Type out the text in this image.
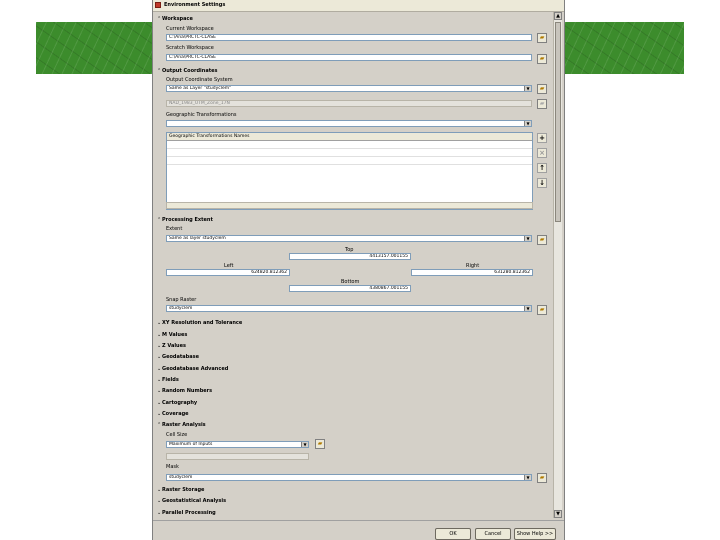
Environment Settings
▲
▼
⌃Workspace
Current Workspace
C:\Ana\PRCTC-CLASE	▰
Scratch Workspace
C:\Ana\PRCTC-CLASE	▰
⌃Output Coordinates
Output Coordinate System
Same as Layer "studyclem"	▼	▰
NAD_1983_UTM_Zone_17N	▰
Geographic Transformations
▼
Geographic Transformations Names	+
×
↑
↓
⌃Processing Extent
Extent
Same as layer studyclem	▼	▰
Top
4413157.001155
Left
624820.812362
Right
631280.812362
Bottom
4380867.001155
Snap Raster
studyclem	▼	▰
⌄XY Resolution and Tolerance
⌄M Values
⌄Z Values
⌄Geodatabase
⌄Geodatabase Advanced
⌄Fields
⌄Random Numbers
⌄Cartography
⌄Coverage
⌃Raster Analysis
Cell Size
Maximum of Inputs	▼	▰
Mask
studyclem	▼	▰
⌄Raster Storage
⌄Geostatistical Analysis
⌄Parallel Processing
OK	Cancel	Show Help >>
